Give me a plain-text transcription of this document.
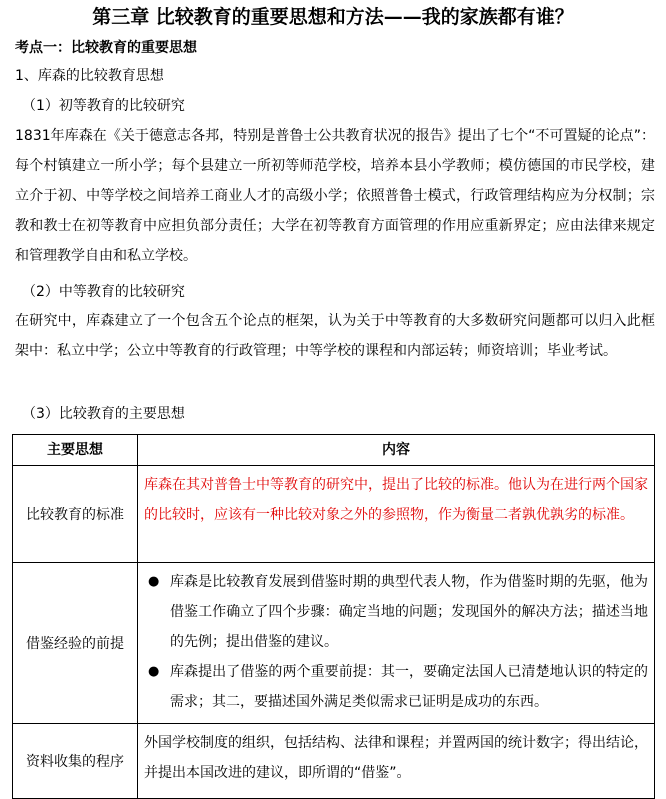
第三章 比较教育的重要思想和方法——我的家族都有谁？
考点一：比较教育的重要思想
1、库森的比较教育思想
（1）初等教育的比较研究
1831年库森在《关于德意志各邦，特别是普鲁士公共教育状况的报告》提出了七个“不可置疑的论点”：每个村镇建立一所小学；每个县建立一所初等师范学校，培养本县小学教师；模仿德国的市民学校，建立介于初、中等学校之间培养工商业人才的高级小学；依照普鲁士模式，行政管理结构应为分权制；宗教和教士在初等教育中应担负部分责任；大学在初等教育方面管理的作用应重新界定；应由法律来规定和管理教学自由和私立学校。
（2）中等教育的比较研究
在研究中，库森建立了一个包含五个论点的框架，认为关于中等教育的大多数研究问题都可以归入此框架中：私立中学；公立中等教育的行政管理；中等学校的课程和内部运转；师资培训；毕业考试。
（3）比较教育的主要思想
主要思想	内容
比较教育的标准	库森在其对普鲁士中等教育的研究中，提出了比较的标准。他认为在进行两个国家的比较时，应该有一种比较对象之外的参照物，作为衡量二者孰优孰劣的标准。
借鉴经验的前提	● 库森是比较教育发展到借鉴时期的典型代表人物，作为借鉴时期的先驱，他为借鉴工作确立了四个步骤：确定当地的问题；发现国外的解决方法；描述当地的先例；提出借鉴的建议。
● 库森提出了借鉴的两个重要前提：其一，要确定法国人已清楚地认识的特定的需求；其二，要描述国外满足类似需求已证明是成功的东西。

资料收集的程序	外国学校制度的组织，包括结构、法律和课程；并置两国的统计数字；得出结论，并提出本国改进的建议，即所谓的“借鉴”。
